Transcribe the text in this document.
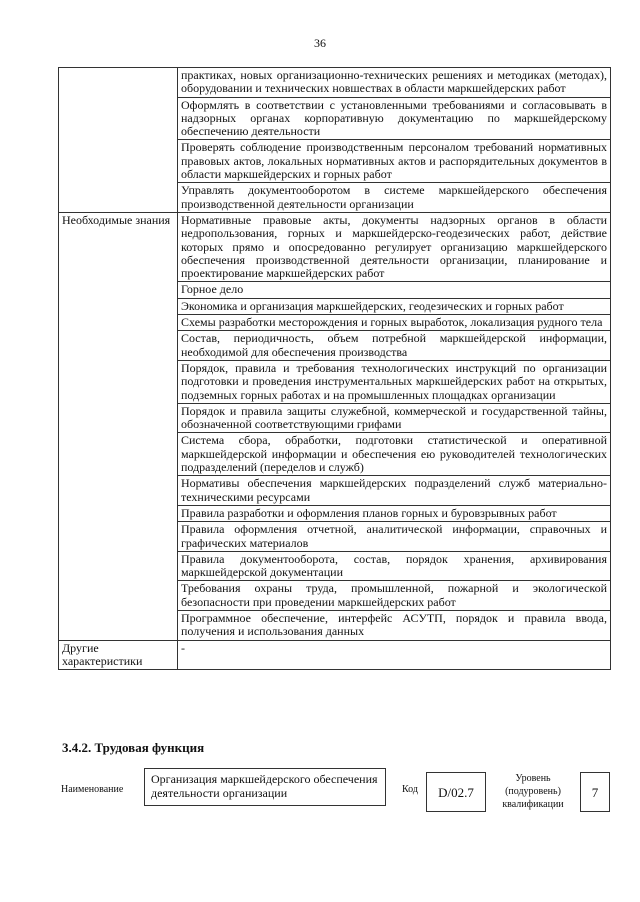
36
	практиках, новых организационно-технических решениях и методиках (методах), оборудовании и технических новшествах в области маркшейдерских работ
	Оформлять в соответствии с установленными требованиями и согласовывать в надзорных органах корпоративную документацию по маркшейдерскому обеспечению деятельности
	Проверять соблюдение производственным персоналом требований нормативных правовых актов, локальных нормативных актов и распорядительных документов в области маркшейдерских и горных работ
	Управлять документооборотом в системе маркшейдерского обеспечения производственной деятельности организации
Необходимые знания	Нормативные правовые акты, документы надзорных органов в области недропользования, горных и маркшейдерско-геодезических работ, действие которых прямо и опосредованно регулирует организацию маркшейдерского обеспечения производственной деятельности организации, планирование и проектирование маркшейдерских работ
	Горное дело
	Экономика и организация маркшейдерских, геодезических и горных работ
	Схемы разработки месторождения и горных выработок, локализация рудного тела
	Состав, периодичность, объем потребной маркшейдерской информации, необходимой для обеспечения производства
	Порядок, правила и требования технологических инструкций по организации подготовки и проведения инструментальных маркшейдерских работ на открытых, подземных горных работах и на промышленных площадках организации
	Порядок и правила защиты служебной, коммерческой и государственной тайны, обозначенной соответствующими грифами
	Система сбора, обработки, подготовки статистической и оперативной маркшейдерской информации и обеспечения ею руководителей технологических подразделений (переделов и служб)
	Нормативы обеспечения маркшейдерских подразделений служб материально-техническими ресурсами
	Правила разработки и оформления планов горных и буровзрывных работ
	Правила оформления отчетной, аналитической информации, справочных и графических материалов
	Правила документооборота, состав, порядок хранения, архивирования маркшейдерской документации
	Требования охраны труда, промышленной, пожарной и экологической безопасности при проведении маркшейдерских работ
	Программное обеспечение, интерфейс АСУТП, порядок и правила ввода, получения и использования данных
Другие характеристики	-
3.4.2. Трудовая функция
Наименование
Организация маркшейдерского обеспечения деятельности организации	Код	D/02.7
Уровень (подуровень) квалификации
7
